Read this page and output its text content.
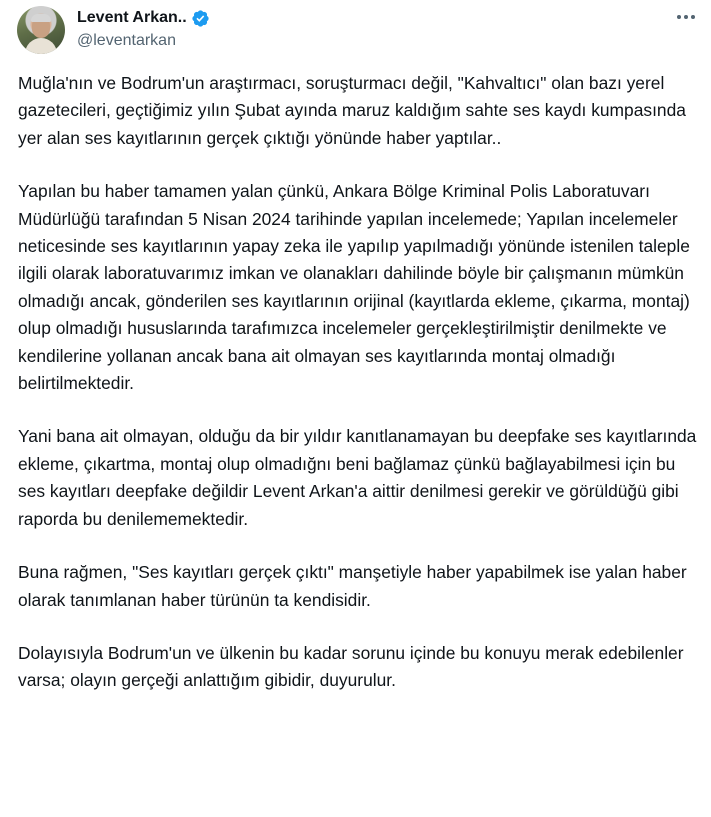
Levent Arkan..
@leventarkan

Muğla'nın ve Bodrum'un araştırmacı, soruşturmacı değil, "Kahvaltıcı" olan bazı yerel gazetecileri, geçtiğimiz yılın Şubat ayında maruz kaldığım sahte ses kaydı kumpasında yer alan ses kayıtlarının gerçek çıktığı yönünde haber yaptılar..

Yapılan bu haber tamamen yalan çünkü, Ankara Bölge Kriminal Polis Laboratuvarı Müdürlüğü tarafından 5 Nisan 2024 tarihinde yapılan incelemede; Yapılan incelemeler neticesinde ses kayıtlarının yapay zeka ile yapılıp yapılmadığı yönünde istenilen taleple ilgili olarak laboratuvarımız imkan ve olanakları dahilinde böyle bir çalışmanın mümkün olmadığı ancak, gönderilen ses kayıtlarının orijinal (kayıtlarda ekleme, çıkarma, montaj) olup olmadığı hususlarında tarafımızca incelemeler gerçekleştirilmiştir denilmekte ve kendilerine yollanan ancak bana ait olmayan ses kayıtlarında montaj olmadığı belirtilmektedir.

Yani bana ait olmayan, olduğu da bir yıldır kanıtlanamayan bu deepfake ses kayıtlarında ekleme, çıkartma, montaj olup olmadığnı beni bağlamaz çünkü bağlayabilmesi için bu ses kayıtları deepfake değildir Levent Arkan'a aittir denilmesi gerekir ve görüldüğü gibi raporda bu denilememektedir.

Buna rağmen, "Ses kayıtları gerçek çıktı" manşetiyle haber yapabilmek ise yalan haber olarak tanımlanan haber türünün ta kendisidir.

Dolayısıyla Bodrum'un ve ülkenin bu kadar sorunu içinde bu konuyu merak edebilenler varsa; olayın gerçeği anlattığım gibidir, duyurulur.
